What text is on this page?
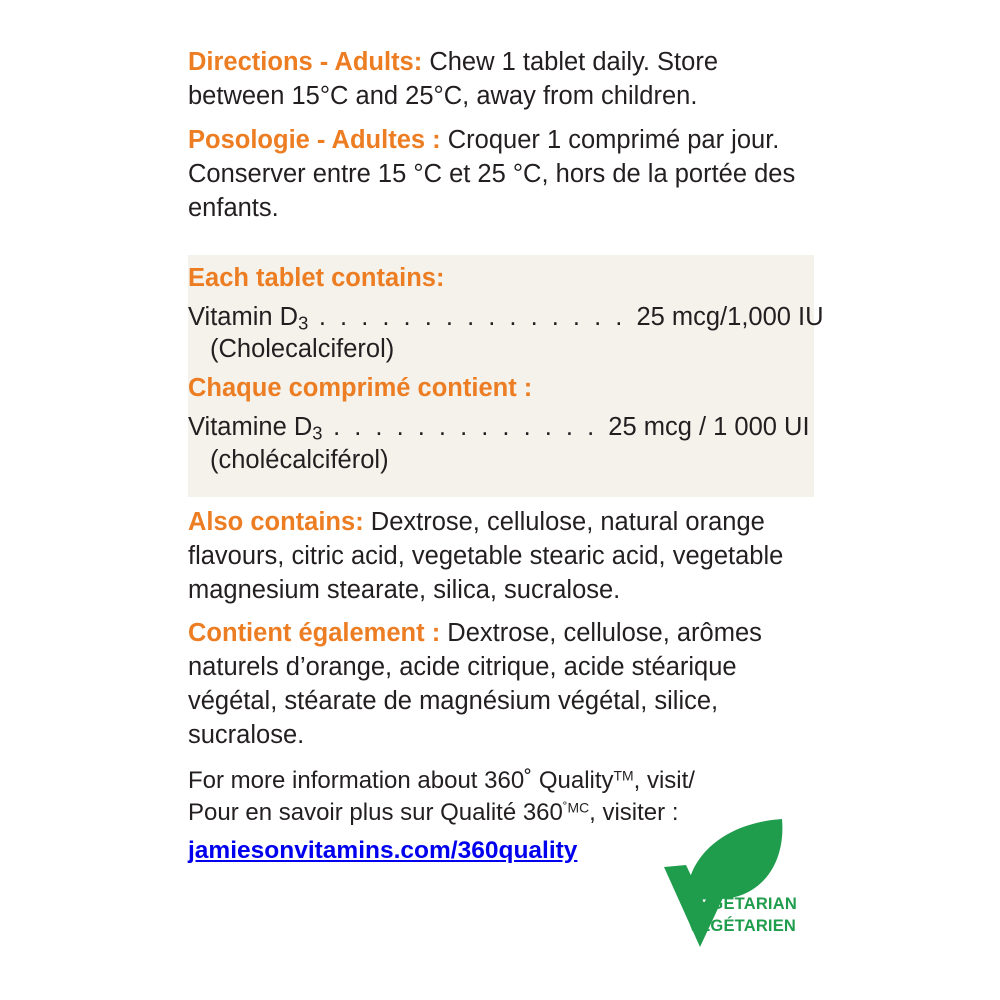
Directions - Adults: Chew 1 tablet daily. Store between 15°C and 25°C, away from children.

Posologie - Adultes : Croquer 1 comprimé par jour. Conserver entre 15 °C et 25 °C, hors de la portée des enfants.

Each tablet contains:
Vitamin $D_3$ . . . . . . . . . . . . . . . 25 mcg/1,000 IU
(Cholecalciferol)
Chaque comprimé contient :
Vitamine $D_3$ . . . . . . . . . . . . . 25 mcg / 1 000 UI
(cholécalciférol)
Also contains: Dextrose, cellulose, natural orange flavours, citric acid, vegetable stearic acid, vegetable magnesium stearate, silica, sucralose.
Contient également : Dextrose, cellulose, arômes naturels d’orange, acide citrique, acide stéarique végétal, stéarate de magnésium végétal, silice, sucralose.
For more information about 360˚ Quality™, visit/
Pour en savoir plus sur Qualité $360^{˚MC}$, visiter :
jamiesonvitamins.com/360quality
VEGETARIAN
VÉGÉTARIEN
